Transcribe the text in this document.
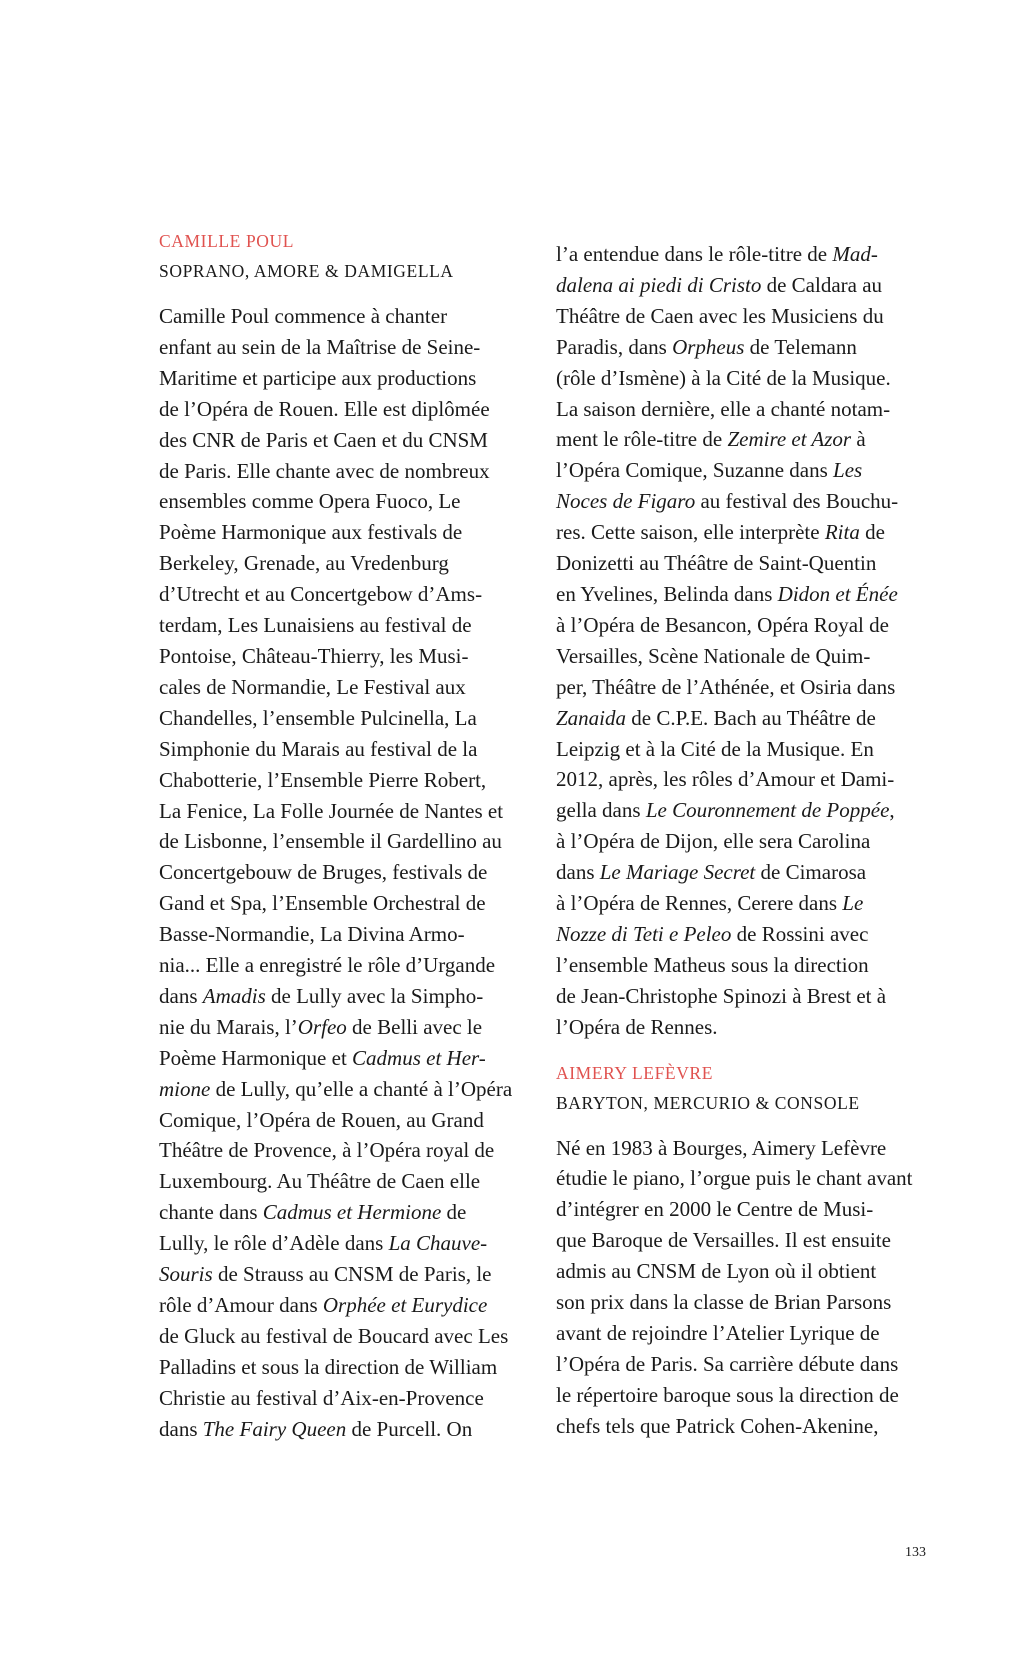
CAMILLE POUL
SOPRANO, AMORE & DAMIGELLA
Camille Poul commence à chanter
enfant au sein de la Maîtrise de Seine-
Maritime et participe aux productions
de l’Opéra de Rouen. Elle est diplômée
des CNR de Paris et Caen et du CNSM
de Paris. Elle chante avec de nombreux
ensembles comme Opera Fuoco, Le
Poème Harmonique aux festivals de
Berkeley, Grenade, au Vredenburg
d’Utrecht et au Concertgebow d’Ams-
terdam, Les Lunaisiens au festival de
Pontoise, Château-Thierry, les Musi-
cales de Normandie, Le Festival aux
Chandelles, l’ensemble Pulcinella, La
Simphonie du Marais au festival de la
Chabotterie, l’Ensemble Pierre Robert,
La Fenice, La Folle Journée de Nantes et
de Lisbonne, l’ensemble il Gardellino au
Concertgebouw de Bruges, festivals de
Gand et Spa, l’Ensemble Orchestral de
Basse-Normandie, La Divina Armo-
nia... Elle a enregistré le rôle d’Urgande
dans Amadis de Lully avec la Simpho-
nie du Marais, l’Orfeo de Belli avec le
Poème Harmonique et Cadmus et Her-
mione de Lully, qu’elle a chanté à l’Opéra
Comique, l’Opéra de Rouen, au Grand
Théâtre de Provence, à l’Opéra royal de
Luxembourg. Au Théâtre de Caen elle
chante dans Cadmus et Hermione de
Lully, le rôle d’Adèle dans La Chauve-
Souris de Strauss au CNSM de Paris, le
rôle d’Amour dans Orphée et Eurydice
de Gluck au festival de Boucard avec Les
Palladins et sous la direction de William
Christie au festival d’Aix-en-Provence
dans The Fairy Queen de Purcell. On
l’a entendue dans le rôle-titre de Mad-
dalena ai piedi di Cristo de Caldara au
Théâtre de Caen avec les Musiciens du
Paradis, dans Orpheus de Telemann
(rôle d’Ismène) à la Cité de la Musique.
La saison dernière, elle a chanté notam-
ment le rôle-titre de Zemire et Azor à
l’Opéra Comique, Suzanne dans Les
Noces de Figaro au festival des Bouchu-
res. Cette saison, elle interprète Rita de
Donizetti au Théâtre de Saint-Quentin
en Yvelines, Belinda dans Didon et Énée
à l’Opéra de Besancon, Opéra Royal de
Versailles, Scène Nationale de Quim-
per, Théâtre de l’Athénée, et Osiria dans
Zanaida de C.P.E. Bach au Théâtre de
Leipzig et à la Cité de la Musique. En
2012, après, les rôles d’Amour et Dami-
gella dans Le Couronnement de Poppée,
à l’Opéra de Dijon, elle sera Carolina
dans Le Mariage Secret de Cimarosa
à l’Opéra de Rennes, Cerere dans Le
Nozze di Teti e Peleo de Rossini avec
l’ensemble Matheus sous la direction
de Jean-Christophe Spinozi à Brest et à
l’Opéra de Rennes.
AIMERY LEFÈVRE
BARYTON, MERCURIO & CONSOLE
Né en 1983 à Bourges, Aimery Lefèvre
étudie le piano, l’orgue puis le chant avant
d’intégrer en 2000 le Centre de Musi-
que Baroque de Versailles. Il est ensuite
admis au CNSM de Lyon où il obtient
son prix dans la classe de Brian Parsons
avant de rejoindre l’Atelier Lyrique de
l’Opéra de Paris. Sa carrière débute dans
le répertoire baroque sous la direction de
chefs tels que Patrick Cohen-Akenine,
133
